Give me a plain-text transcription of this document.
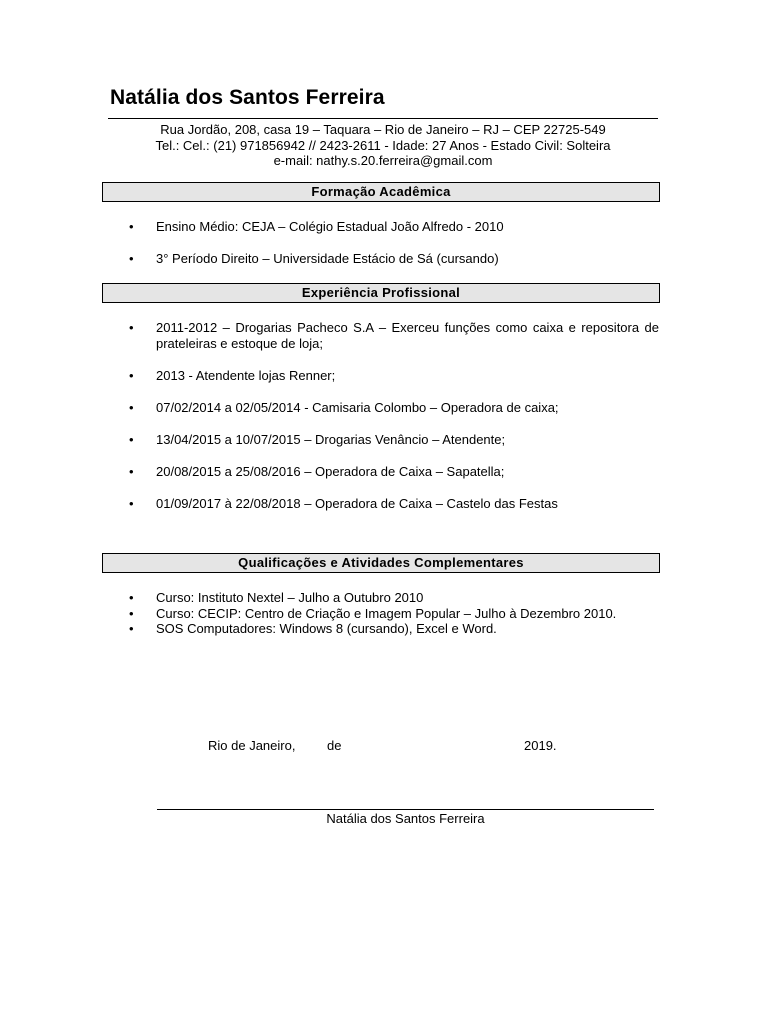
Natália dos Santos Ferreira
Rua Jordão, 208, casa 19 – Taquara – Rio de Janeiro – RJ – CEP 22725-549
Tel.: Cel.: (21) 971856942 // 2423-2611 - Idade: 27 Anos - Estado Civil: Solteira
e-mail: nathy.s.20.ferreira@gmail.com
Formação Acadêmica
• Ensino Médio: CEJA – Colégio Estadual João Alfredo - 2010
• 3° Período Direito – Universidade Estácio de Sá (cursando)
Experiência Profissional
• 2011-2012 – Drogarias Pacheco S.A – Exerceu funções como caixa e repositora de prateleiras e estoque de loja;
• 2013 - Atendente lojas Renner;
• 07/02/2014 a 02/05/2014 - Camisaria Colombo – Operadora de caixa;
• 13/04/2015 a 10/07/2015 – Drogarias Venâncio – Atendente;
• 20/08/2015 a 25/08/2016 – Operadora de Caixa – Sapatella;
• 01/09/2017 à 22/08/2018 – Operadora de Caixa – Castelo das Festas
Qualificações e Atividades Complementares
• Curso: Instituto Nextel – Julho a Outubro 2010
• Curso: CECIP: Centro de Criação e Imagem Popular – Julho à Dezembro 2010.
• SOS Computadores: Windows 8 (cursando), Excel e Word.
Rio de Janeiro, de	2019.
Natália dos Santos Ferreira
